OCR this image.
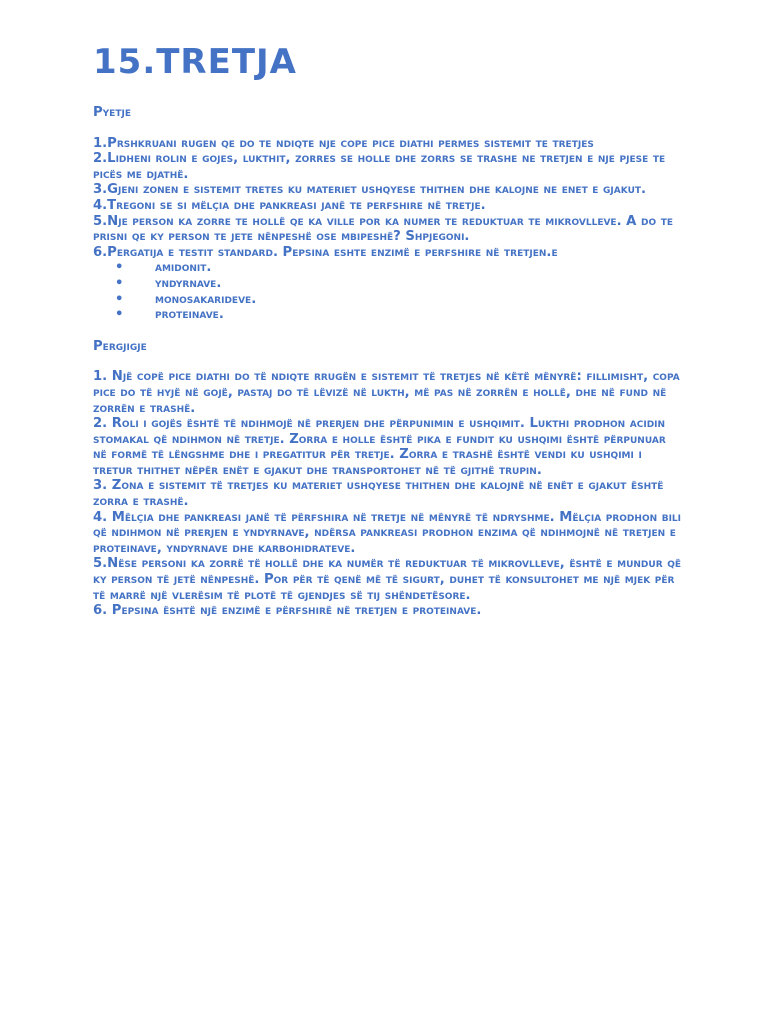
15.TRETJA
Pyetje

1.Prshkruani rugen qe do te ndiqte nje cope pice diathi permes sistemit te tretjes

2.Lidheni rolin e gojes, lukthit, zorres se holle dhe zorrs se trashe ne tretjen e nje pjese te picës me djathë.

3.Gjeni zonen e sistemit tretes ku materiet ushqyese thithen dhe kalojne ne enet e gjakut.

4.Tregoni se si mëlçia dhe pankreasi janë te perfshire në tretje.

5.Nje person ka zorre te hollë qe ka ville por ka numer te reduktuar te mikrovlleve. A do te prisni qe ky person te jete nënpeshë ose mbipeshë? Shpjegoni.

6.Pergatija e testit standard. Pepsina eshte enzimë e perfshire në tretjen.e

• amidonit.
• yndyrnave.
• monosakarideve.
• proteinave.
Pergjigje

1. Një copë pice diathi do të ndiqte rrugën e sistemit të tretjes në këtë mënyrë: fillimisht, copa pice do të hyjë në gojë, pastaj do të lëvizë në lukth, më pas në zorrën e hollë, dhe në fund në zorrën e trashë.

2. Roli i gojës është të ndihmojë në prerjen dhe përpunimin e ushqimit. Lukthi prodhon acidin stomakal që ndihmon në tretje. Zorra e holle është pika e fundit ku ushqimi është përpunuar në formë të lëngshme dhe i pregatitur për tretje. Zorra e trashë është vendi ku ushqimi i tretur thithet nëpër enët e gjakut dhe transportohet në të gjithë trupin.

3. Zona e sistemit të tretjes ku materiet ushqyese thithen dhe kalojnë në enët e gjakut është zorra e trashë.

4. Mëlçia dhe pankreasi janë të përfshira në tretje në mënyrë të ndryshme. Mëlçia prodhon bili që ndihmon në prerjen e yndyrnave, ndërsa pankreasi prodhon enzima që ndihmojnë në tretjen e proteinave, yndyrnave dhe karbohidrateve.

5.Nëse personi ka zorrë të hollë dhe ka numër të reduktuar të mikrovlleve, është e mundur që ky person të jetë nënpeshë. Por për të qenë më të sigurt, duhet të konsultohet me një mjek për të marrë një vlerësim të plotë të gjendjes së tij shëndetësore.

6. Pepsina është një enzimë e përfshirë në tretjen e proteinave.
